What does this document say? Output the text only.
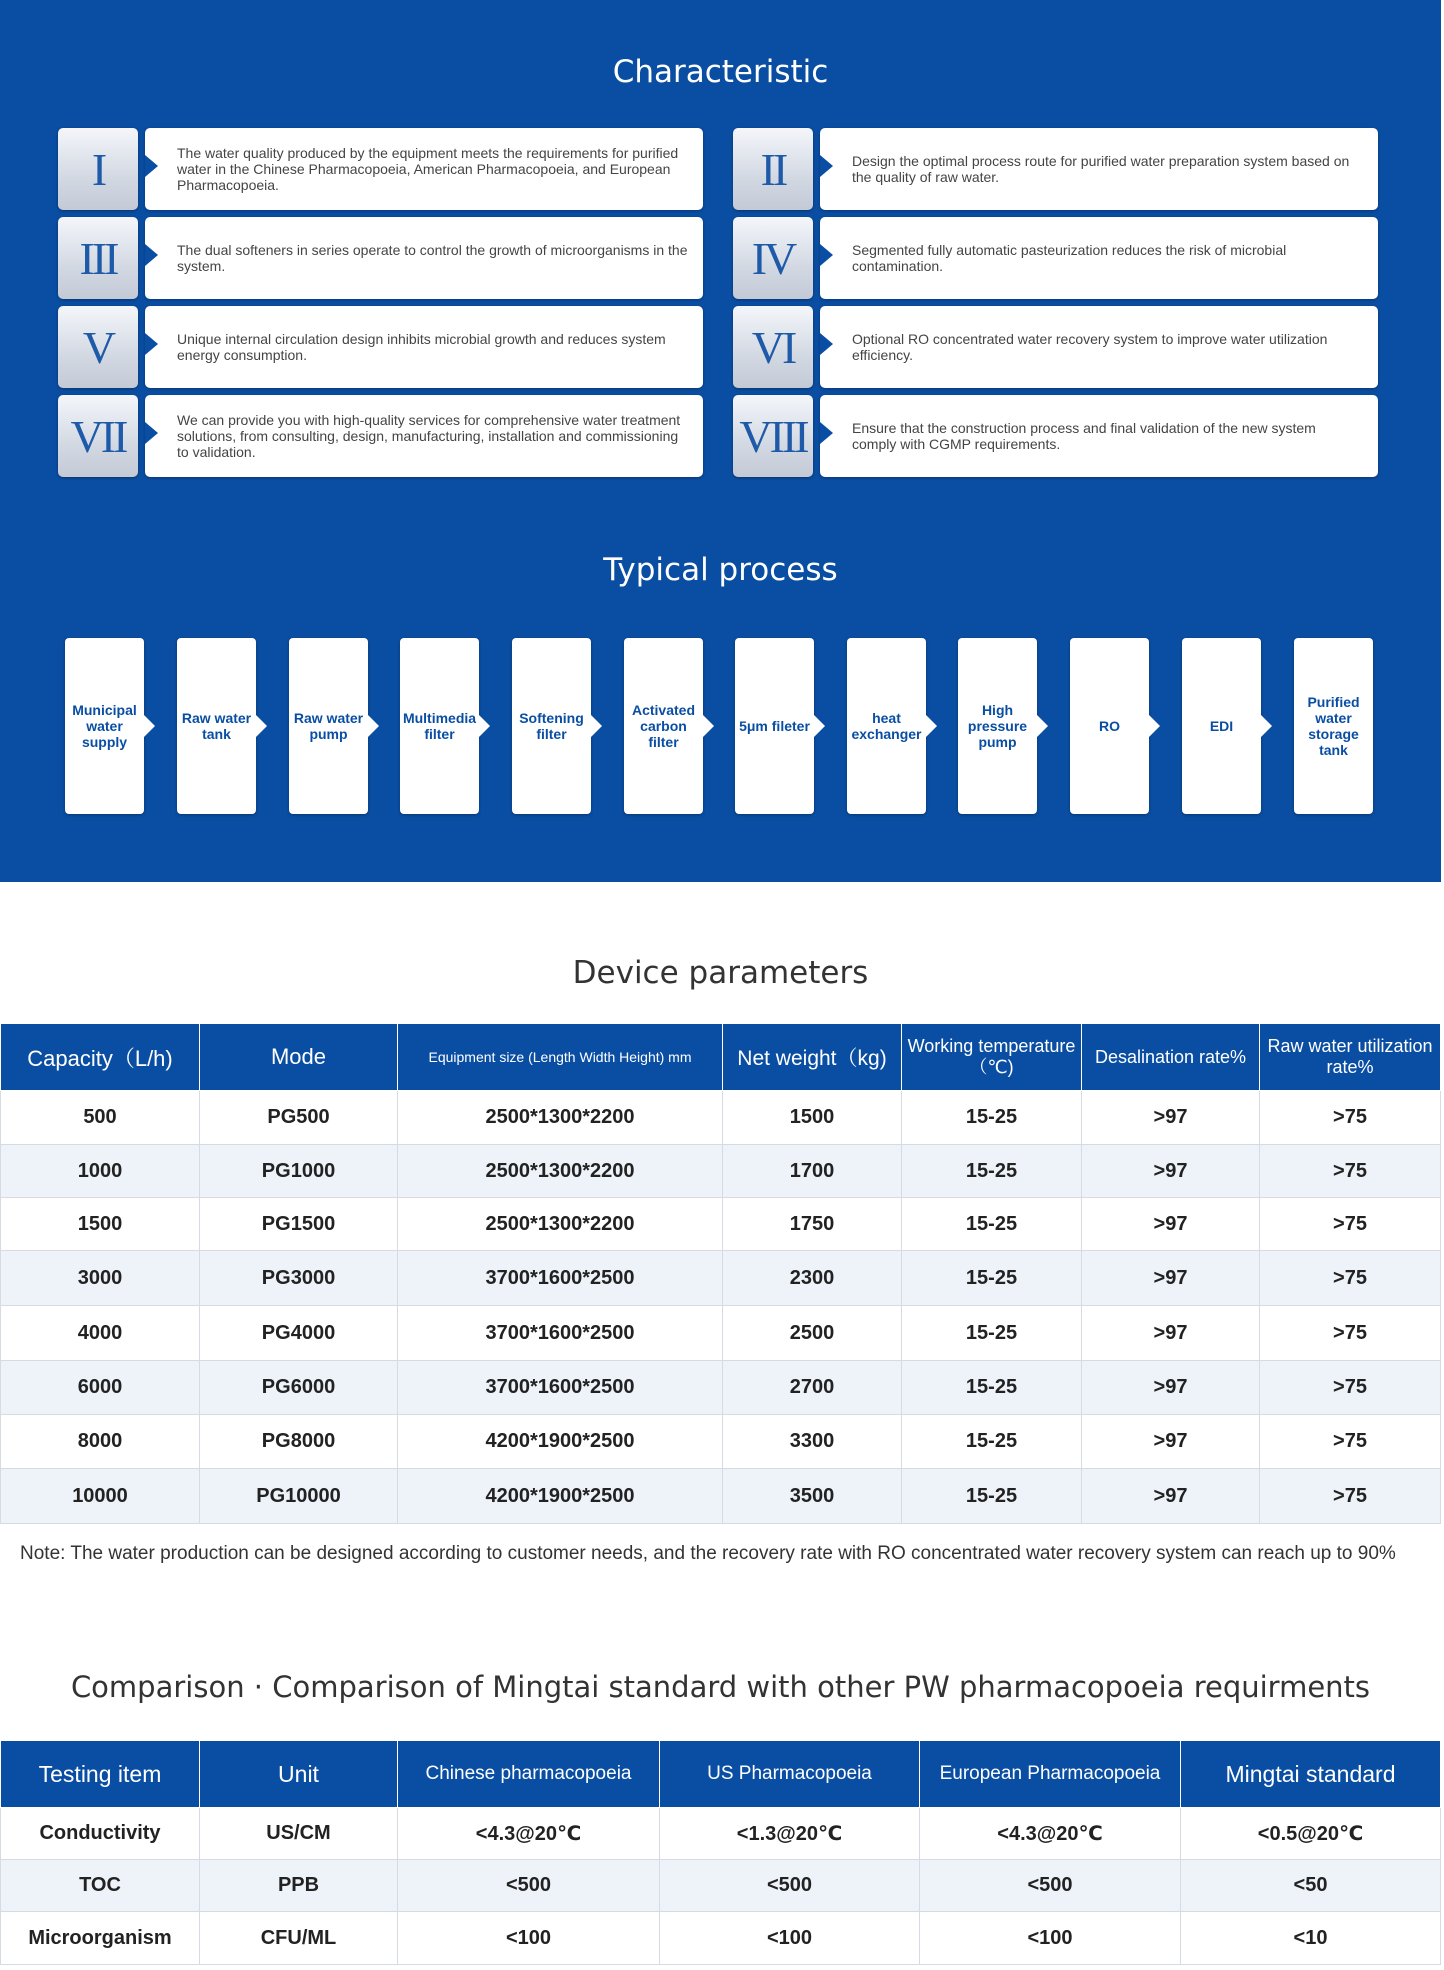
Characteristic
I	The water quality produced by the equipment meets the requirements for purified water in the Chinese Pharmacopoeia, American Pharmacopoeia, and European Pharmacopoeia.	II	Design the optimal process route for purified water preparation system based on the quality of raw water.
III	The dual softeners in series operate to control the growth of microorganisms in the system.	IV	Segmented fully automatic pasteurization reduces the risk of microbial contamination.
V	Unique internal circulation design inhibits microbial growth and reduces system energy consumption.	VI	Optional RO concentrated water recovery system to improve water utilization efficiency.
VII	We can provide you with high-quality services for comprehensive water treatment solutions, from consulting, design, manufacturing, installation and commissioning to validation.	VIII	Ensure that the construction process and final validation of the new system comply with CGMP requirements.
Typical process
Municipal water supply
Raw water tank
Raw water pump
Multimedia filter
Softening filter
Activated carbon filter
5μm fileter	heat exchanger
High pressure pump
RO	EDI
Purified water storage tank
Device parameters
Capacity（L/h)	Mode	Equipment size (Length Width Height) mm	Net weight（kg)	Working temperature（℃)	Desalination rate%	Raw water utilization rate%
500	PG500	2500*1300*2200	1500	15-25	>97	>75
1000	PG1000	2500*1300*2200	1700	15-25	>97	>75
1500	PG1500	2500*1300*2200	1750	15-25	>97	>75
3000	PG3000	3700*1600*2500	2300	15-25	>97	>75
4000	PG4000	3700*1600*2500	2500	15-25	>97	>75
6000	PG6000	3700*1600*2500	2700	15-25	>97	>75
8000	PG8000	4200*1900*2500	3300	15-25	>97	>75
10000	PG10000	4200*1900*2500	3500	15-25	>97	>75
Note: The water production can be designed according to customer needs, and the recovery rate with RO concentrated water recovery system can reach up to 90%
Comparison · Comparison of Mingtai standard with other PW pharmacopoeia requirments
Testing item	Unit	Chinese pharmacopoeia	US Pharmacopoeia	European Pharmacopoeia	Mingtai standard
Conductivity	US/CM	<4.3@20℃	<1.3@20℃	<4.3@20℃	<0.5@20℃
TOC	PPB	<500	<500	<500	<50
Microorganism	CFU/ML	<100	<100	<100	<10
